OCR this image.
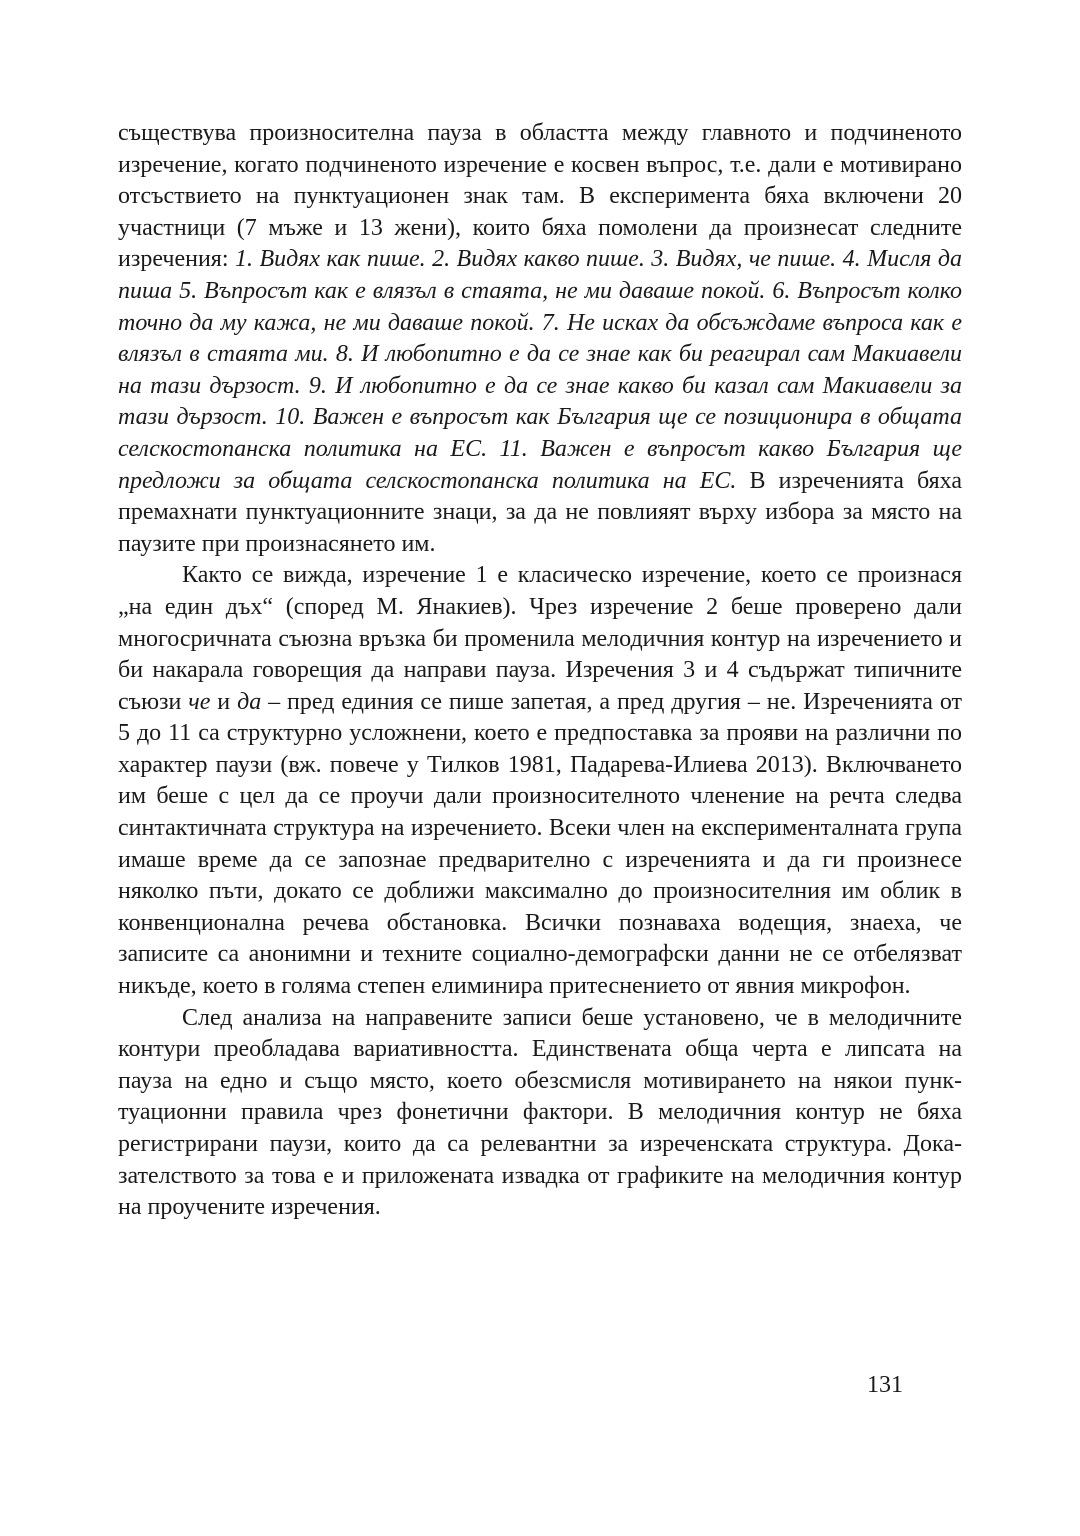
съществува произносителна пауза в областта между главното и подчиненото изречение, когато подчиненото изречение е косвен въпрос, т.е. дали е мотивирано отсъствието на пунктуационен знак там. В експеримента бяха включени 20 участници (7 мъже и 13 жени), които бяха помолени да произнесат следните изречения: 1. Видях как пише. 2. Видях какво пише. 3. Видях, че пише. 4. Мисля да пиша 5. Въпросът как е влязъл в стаята, не ми даваше покой. 6. Въпросът колко точно да му кажа, не ми даваше покой. 7. Не исках да обсъждаме въпроса как е влязъл в стаята ми. 8. И любопитно е да се знае как би реагирал сам Макиавели на тази дързост. 9. И любопитно е да се знае какво би казал сам Макиавели за тази дързост. 10. Важен е въпросът как България ще се позиционира в общата селскостопанска политика на ЕС. 11. Важен е въпросът какво България ще предложи за общата селскостопанска политика на ЕС. В изреченията бяха премахнати пунктуационните знаци, за да не повлияят върху избора за място на паузите при произнасянето им.

Както се вижда, изречение 1 е класическо изречение, което се произнася „на един дъх“ (според М. Янакиев). Чрез изречение 2 беше проверено дали многосричната съюзна връзка би променила мелодичния контур на изречението и би накарала говорещия да направи пауза. Изречения 3 и 4 съдържат типичните съюзи че и да – пред единия се пише запетая, а пред другия – не. Изреченията от 5 до 11 са структурно усложнени, което е предпоставка за прояви на различни по характер паузи (вж. повече у Тилков 1981, Падарева-Илиева 2013). Включването им беше с цел да се проучи дали произносителното членение на речта следва синтактичната структура на изречението. Всеки член на експерименталната група имаше време да се запознае предварително с изреченията и да ги произнесе няколко пъти, докато се доближи максимално до произносителния им облик в конвенционална речева обстановка. Всички познаваха водещия, знаеха, че записите са анонимни и техните социално-демографски данни не се отбелязват никъде, което в голяма степен елиминира притеснението от явния микрофон.

След анализа на направените записи беше установено, че в мелодичните контури преобладава вариативността. Единствената обща черта е липсата на пауза на едно и също място, което обезсмисля мотивирането на някои пунктуационни правила чрез фонетични фактори. В мелодичния контур не бяха регистрирани паузи, които да са релевантни за изреченската структура. Доказателството за това е и приложената извадка от графиките на мелодичния контур на проучените изречения.

131
